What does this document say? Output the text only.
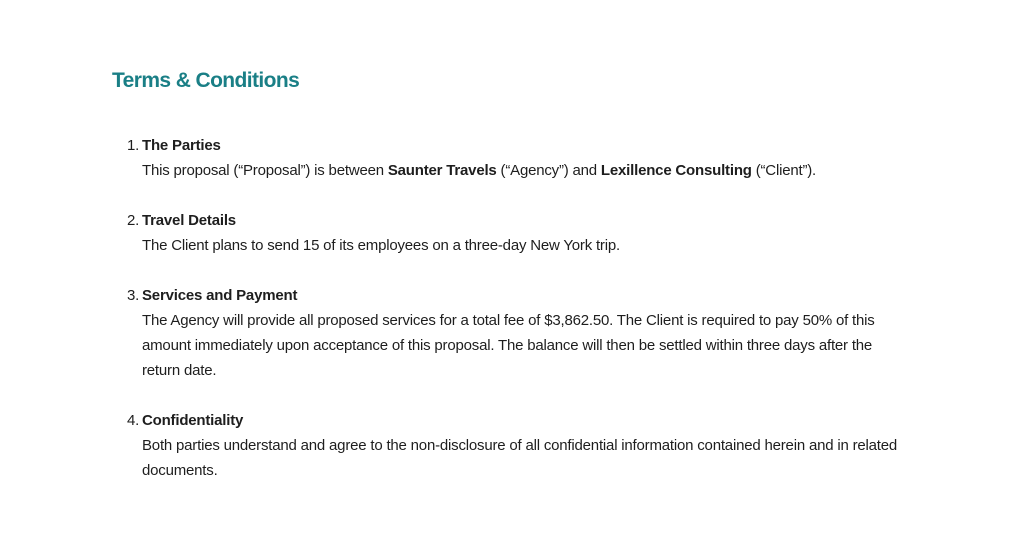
Terms & Conditions
1. The Parties
This proposal (“Proposal”) is between Saunter Travels (“Agency”) and Lexillence Consulting (“Client”).
2. Travel Details
The Client plans to send 15 of its employees on a three-day New York trip.
3. Services and Payment
The Agency will provide all proposed services for a total fee of $3,862.50. The Client is required to pay 50% of this amount immediately upon acceptance of this proposal. The balance will then be settled within three days after the return date.
4. Confidentiality
Both parties understand and agree to the non-disclosure of all confidential information contained herein and in related documents.
